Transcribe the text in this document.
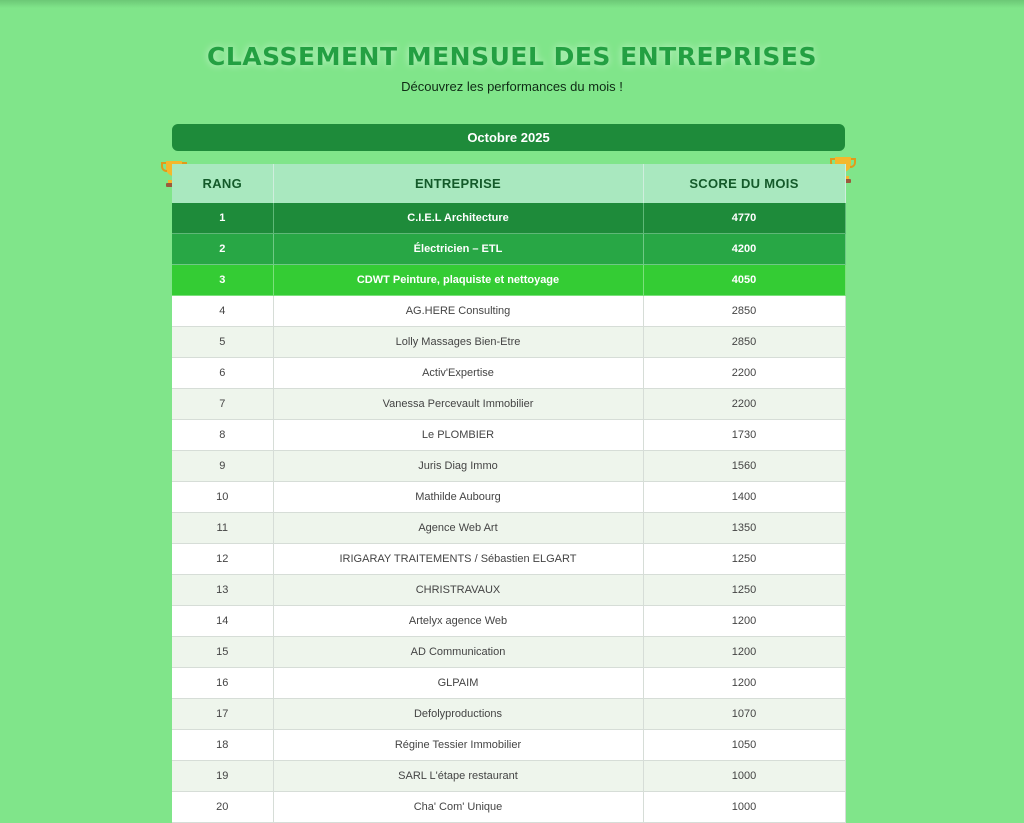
CLASSEMENT MENSUEL DES ENTREPRISES

Découvrez les performances du mois !

Octobre 2025
RANG	ENTREPRISE	SCORE DU MOIS
1	C.I.E.L Architecture	4770
2	Électricien – ETL	4200
3	CDWT Peinture, plaquiste et nettoyage	4050
4	AG.HERE Consulting	2850
5	Lolly Massages Bien-Etre	2850
6	Activ'Expertise	2200
7	Vanessa Percevault Immobilier	2200
8	Le PLOMBIER	1730
9	Juris Diag Immo	1560
10	Mathilde Aubourg	1400
11	Agence Web Art	1350
12	IRIGARAY TRAITEMENTS / Sébastien ELGART	1250
13	CHRISTRAVAUX	1250
14	Artelyx agence Web	1200
15	AD Communication	1200
16	GLPAIM	1200
17	Defolyproductions	1070
18	Régine Tessier Immobilier	1050
19	SARL L'étape restaurant	1000
20	Cha' Com' Unique	1000
